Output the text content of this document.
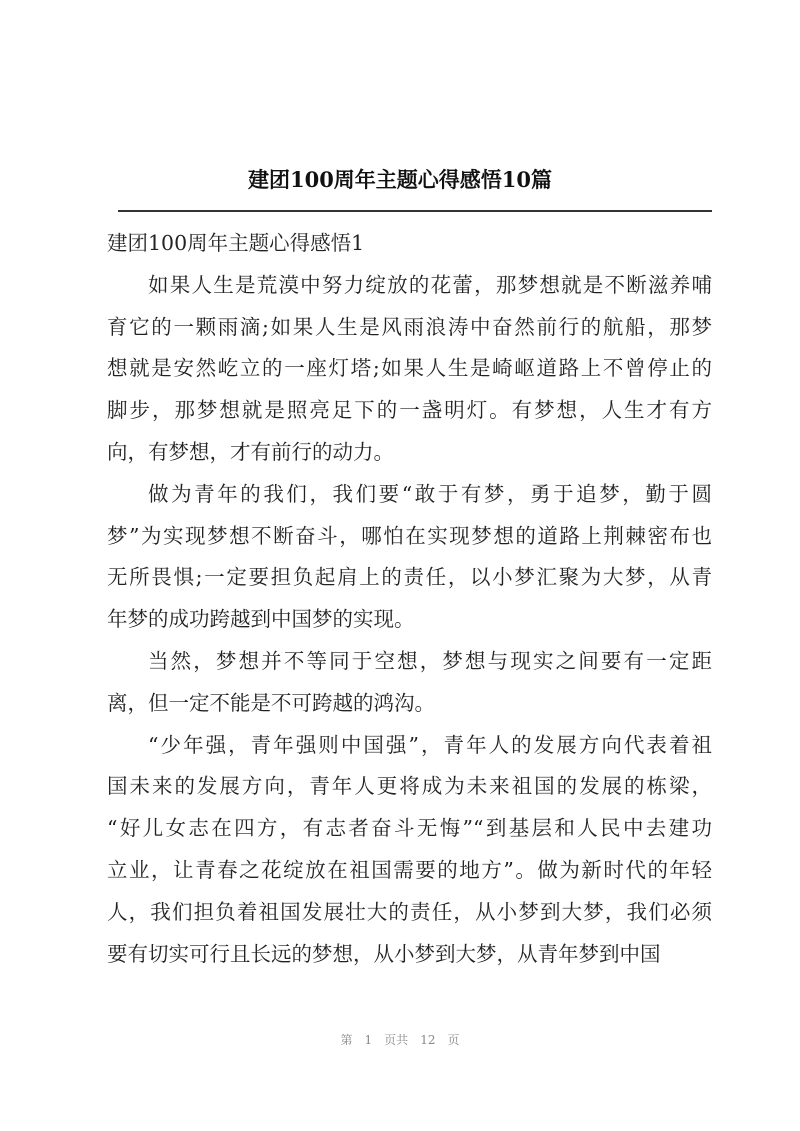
建团100周年主题心得感悟10篇
建团100周年主题心得感悟1
如果人生是荒漠中努力绽放的花蕾，那梦想就是不断滋养哺
育它的一颗雨滴;如果人生是风雨浪涛中奋然前行的航船，那梦
想就是安然屹立的一座灯塔;如果人生是崎岖道路上不曾停止的
脚步，那梦想就是照亮足下的一盏明灯。有梦想，人生才有方
向，有梦想，才有前行的动力。
做为青年的我们，我们要“敢于有梦，勇于追梦，勤于圆
梦”为实现梦想不断奋斗，哪怕在实现梦想的道路上荆棘密布也
无所畏惧;一定要担负起肩上的责任，以小梦汇聚为大梦，从青
年梦的成功跨越到中国梦的实现。
当然，梦想并不等同于空想，梦想与现实之间要有一定距
离，但一定不能是不可跨越的鸿沟。
“少年强，青年强则中国强”，青年人的发展方向代表着祖
国未来的发展方向，青年人更将成为未来祖国的发展的栋梁，
“好儿女志在四方，有志者奋斗无悔”“到基层和人民中去建功
立业，让青春之花绽放在祖国需要的地方”。做为新时代的年轻
人，我们担负着祖国发展壮大的责任，从小梦到大梦，我们必须
要有切实可行且长远的梦想，从小梦到大梦，从青年梦到中国
第 1 页共 12 页
